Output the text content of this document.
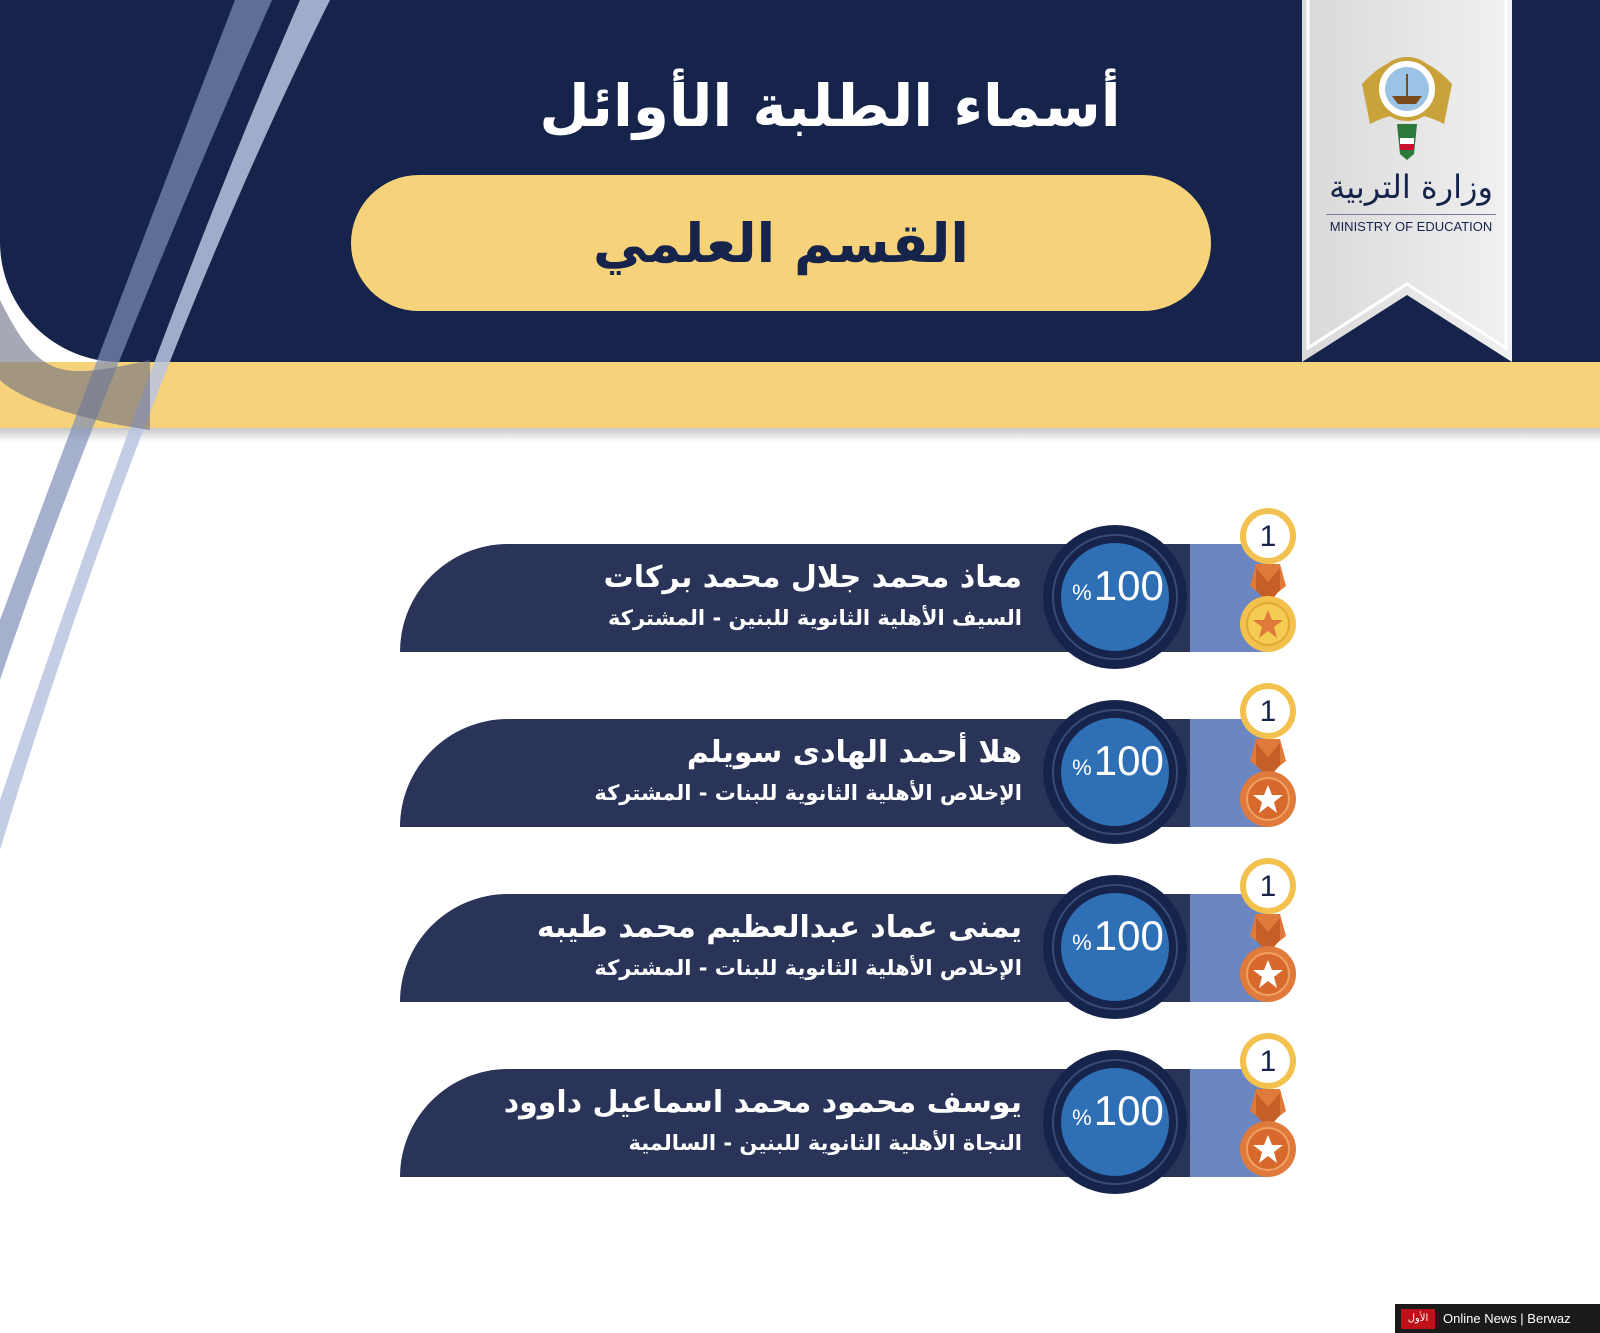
أسماء الطلبة الأوائل
القسم العلمي
وزارة التربية
MINISTRY OF EDUCATION
%100
معاذ محمد جلال محمد بركات
السيف الأهلية الثانوية للبنين - المشتركة
1
%100
هلا أحمد الهادى سويلم
الإخلاص الأهلية الثانوية للبنات - المشتركة
1
%100
يمنى عماد عبدالعظيم محمد طيبه
الإخلاص الأهلية الثانوية للبنات - المشتركة
1
%100
يوسف محمود محمد اسماعيل داوود
النجاة الأهلية الثانوية للبنين - السالمية
1
الأول	Online News | Berwaz
